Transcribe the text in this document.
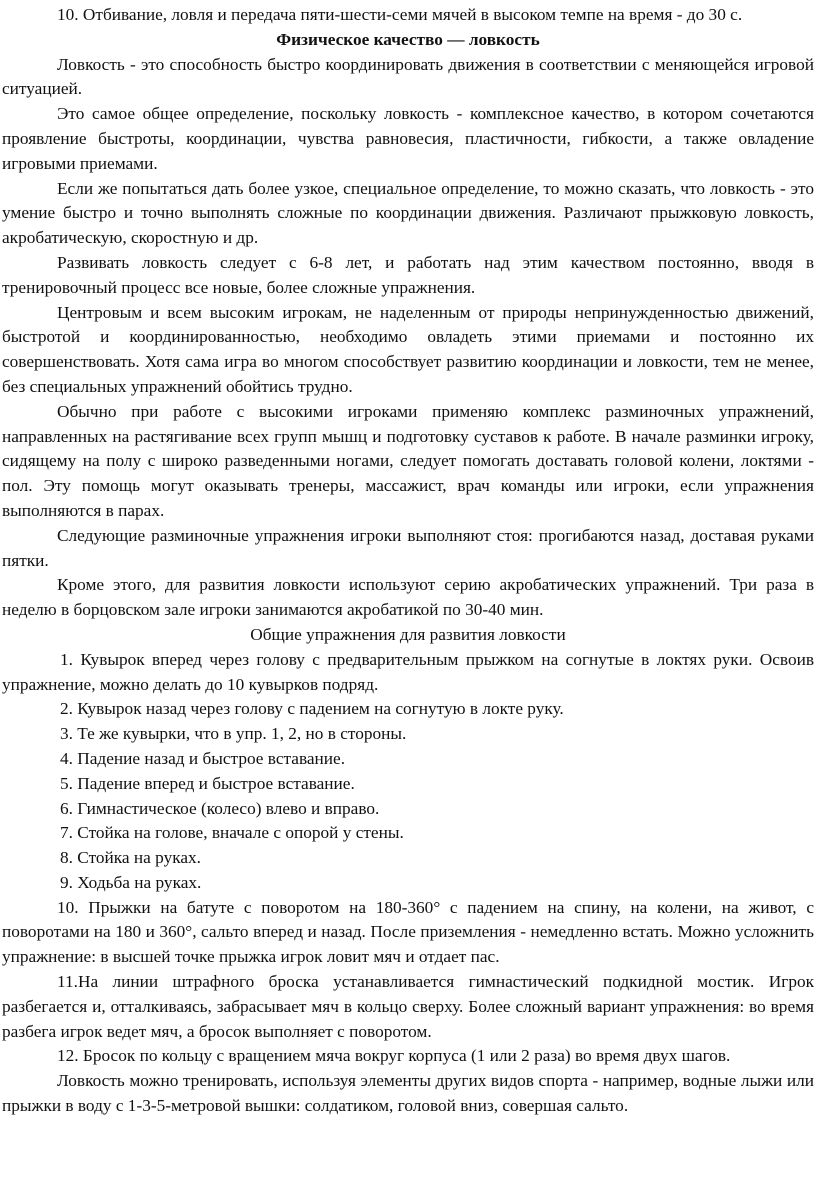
10. Отбивание, ловля и передача пяти-шести-семи мячей в высоком темпе на время - до 30 с.

Физическое качество — ловкость

Ловкость - это способность быстро координировать движения в соответствии с меняющейся игровой ситуацией.

Это самое общее определение, поскольку ловкость - комплексное качество, в котором сочетаются проявление быстроты, координации, чувства равновесия, пластичности, гибкости, а также овладение игровыми приемами.

Если же попытаться дать более узкое, специальное определение, то можно сказать, что ловкость - это умение быстро и точно выполнять сложные по координации движения. Различают прыжковую ловкость, акробатическую, скоростную и др.

Развивать ловкость следует с 6-8 лет, и работать над этим качеством постоянно, вводя в тренировочный процесс все новые, более сложные упражнения.

Центровым и всем высоким игрокам, не наделенным от природы непринужденностью движений, быстротой и координированностью, необходимо овладеть этими приемами и постоянно их совершенствовать. Хотя сама игра во многом способствует развитию координации и ловкости, тем не менее, без специальных упражнений обойтись трудно.

Обычно при работе с высокими игроками применяю комплекс разминочных упражнений, направленных на растягивание всех групп мышц и подготовку суставов к работе. В начале разминки игроку, сидящему на полу с широко разведенными ногами, следует помогать доставать головой колени, локтями - пол. Эту помощь могут оказывать тренеры, массажист, врач команды или игроки, если упражнения выполняются в парах.

Следующие разминочные упражнения игроки выполняют стоя: прогибаются назад, доставая руками пятки.

Кроме этого, для развития ловкости используют серию акробатических упражнений. Три раза в неделю в борцовском зале игроки занимаются акробатикой по 30-40 мин.

Общие упражнения для развития ловкости

1. Кувырок вперед через голову с предварительным прыжком на согнутые в локтях руки. Освоив упражнение, можно делать до 10 кувырков подряд.

2. Кувырок назад через голову с падением на согнутую в локте руку.

3. Те же кувырки, что в упр. 1, 2, но в стороны.

4. Падение назад и быстрое вставание.

5. Падение вперед и быстрое вставание.

6. Гимнастическое (колесо) влево и вправо.

7. Стойка на голове, вначале с опорой у стены.

8. Стойка на руках.

9. Ходьба на руках.

10. Прыжки на батуте с поворотом на 180-360° с падением на спину, на колени, на живот, с поворотами на 180 и 360°, сальто вперед и назад. После приземления - немедленно встать. Можно усложнить упражнение: в высшей точке прыжка игрок ловит мяч и отдает пас.

11.На линии штрафного броска устанавливается гимнастический подкидной мостик. Игрок разбегается и, отталкиваясь, забрасывает мяч в кольцо сверху. Более сложный вариант упражнения: во время разбега игрок ведет мяч, а бросок выполняет с поворотом.

12. Бросок по кольцу с вращением мяча вокруг корпуса (1 или 2 раза) во время двух шагов.

Ловкость можно тренировать, используя элементы других видов спорта - например, водные лыжи или прыжки в воду с 1-3-5-метровой вышки: солдатиком, головой вниз, совершая сальто.
